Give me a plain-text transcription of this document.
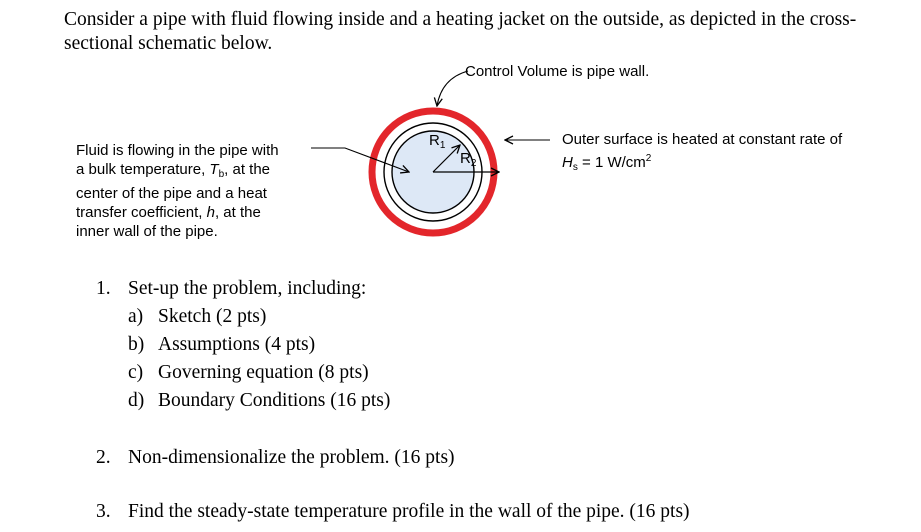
Consider a pipe with fluid flowing inside and a heating jacket on the outside, as depicted in the cross-sectional schematic below.
Control Volume is pipe wall.
Fluid is flowing in the pipe with
a bulk temperature, $T_b$, at the
center of the pipe and a heat
transfer coefficient, h, at the
inner wall of the pipe.
Outer surface is heated at constant rate of
$H_s = 1$ $W/cm^2$
$R_1$
$R_2$
1. Set-up the problem, including:
a) Sketch (2 pts)
b) Assumptions (4 pts)
c) Governing equation (8 pts)
d) Boundary Conditions (16 pts)
2. Non-dimensionalize the problem. (16 pts)
3. Find the steady-state temperature profile in the wall of the pipe. (16 pts)
